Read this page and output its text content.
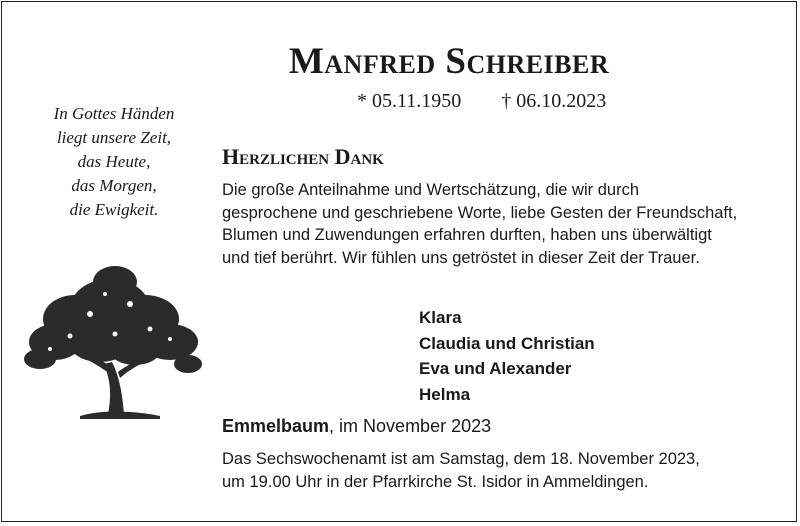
Manfred Schreiber
* 05.11.1950 † 06.10.2023
In Gottes Händen
liegt unsere Zeit,
das Heute,
das Morgen,
die Ewigkeit.
Herzlichen Dank
Die große Anteilnahme und Wertschätzung, die wir durch
gesprochene und geschriebene Worte, liebe Gesten der Freundschaft,
Blumen und Zuwendungen erfahren durften, haben uns überwältigt
und tief berührt. Wir fühlen uns getröstet in dieser Zeit der Trauer.
Klara
Claudia und Christian
Eva und Alexander
Helma
Emmelbaum, im November 2023
Das Sechswochenamt ist am Samstag, dem 18. November 2023,
um 19.00 Uhr in der Pfarrkirche St. Isidor in Ammeldingen.
